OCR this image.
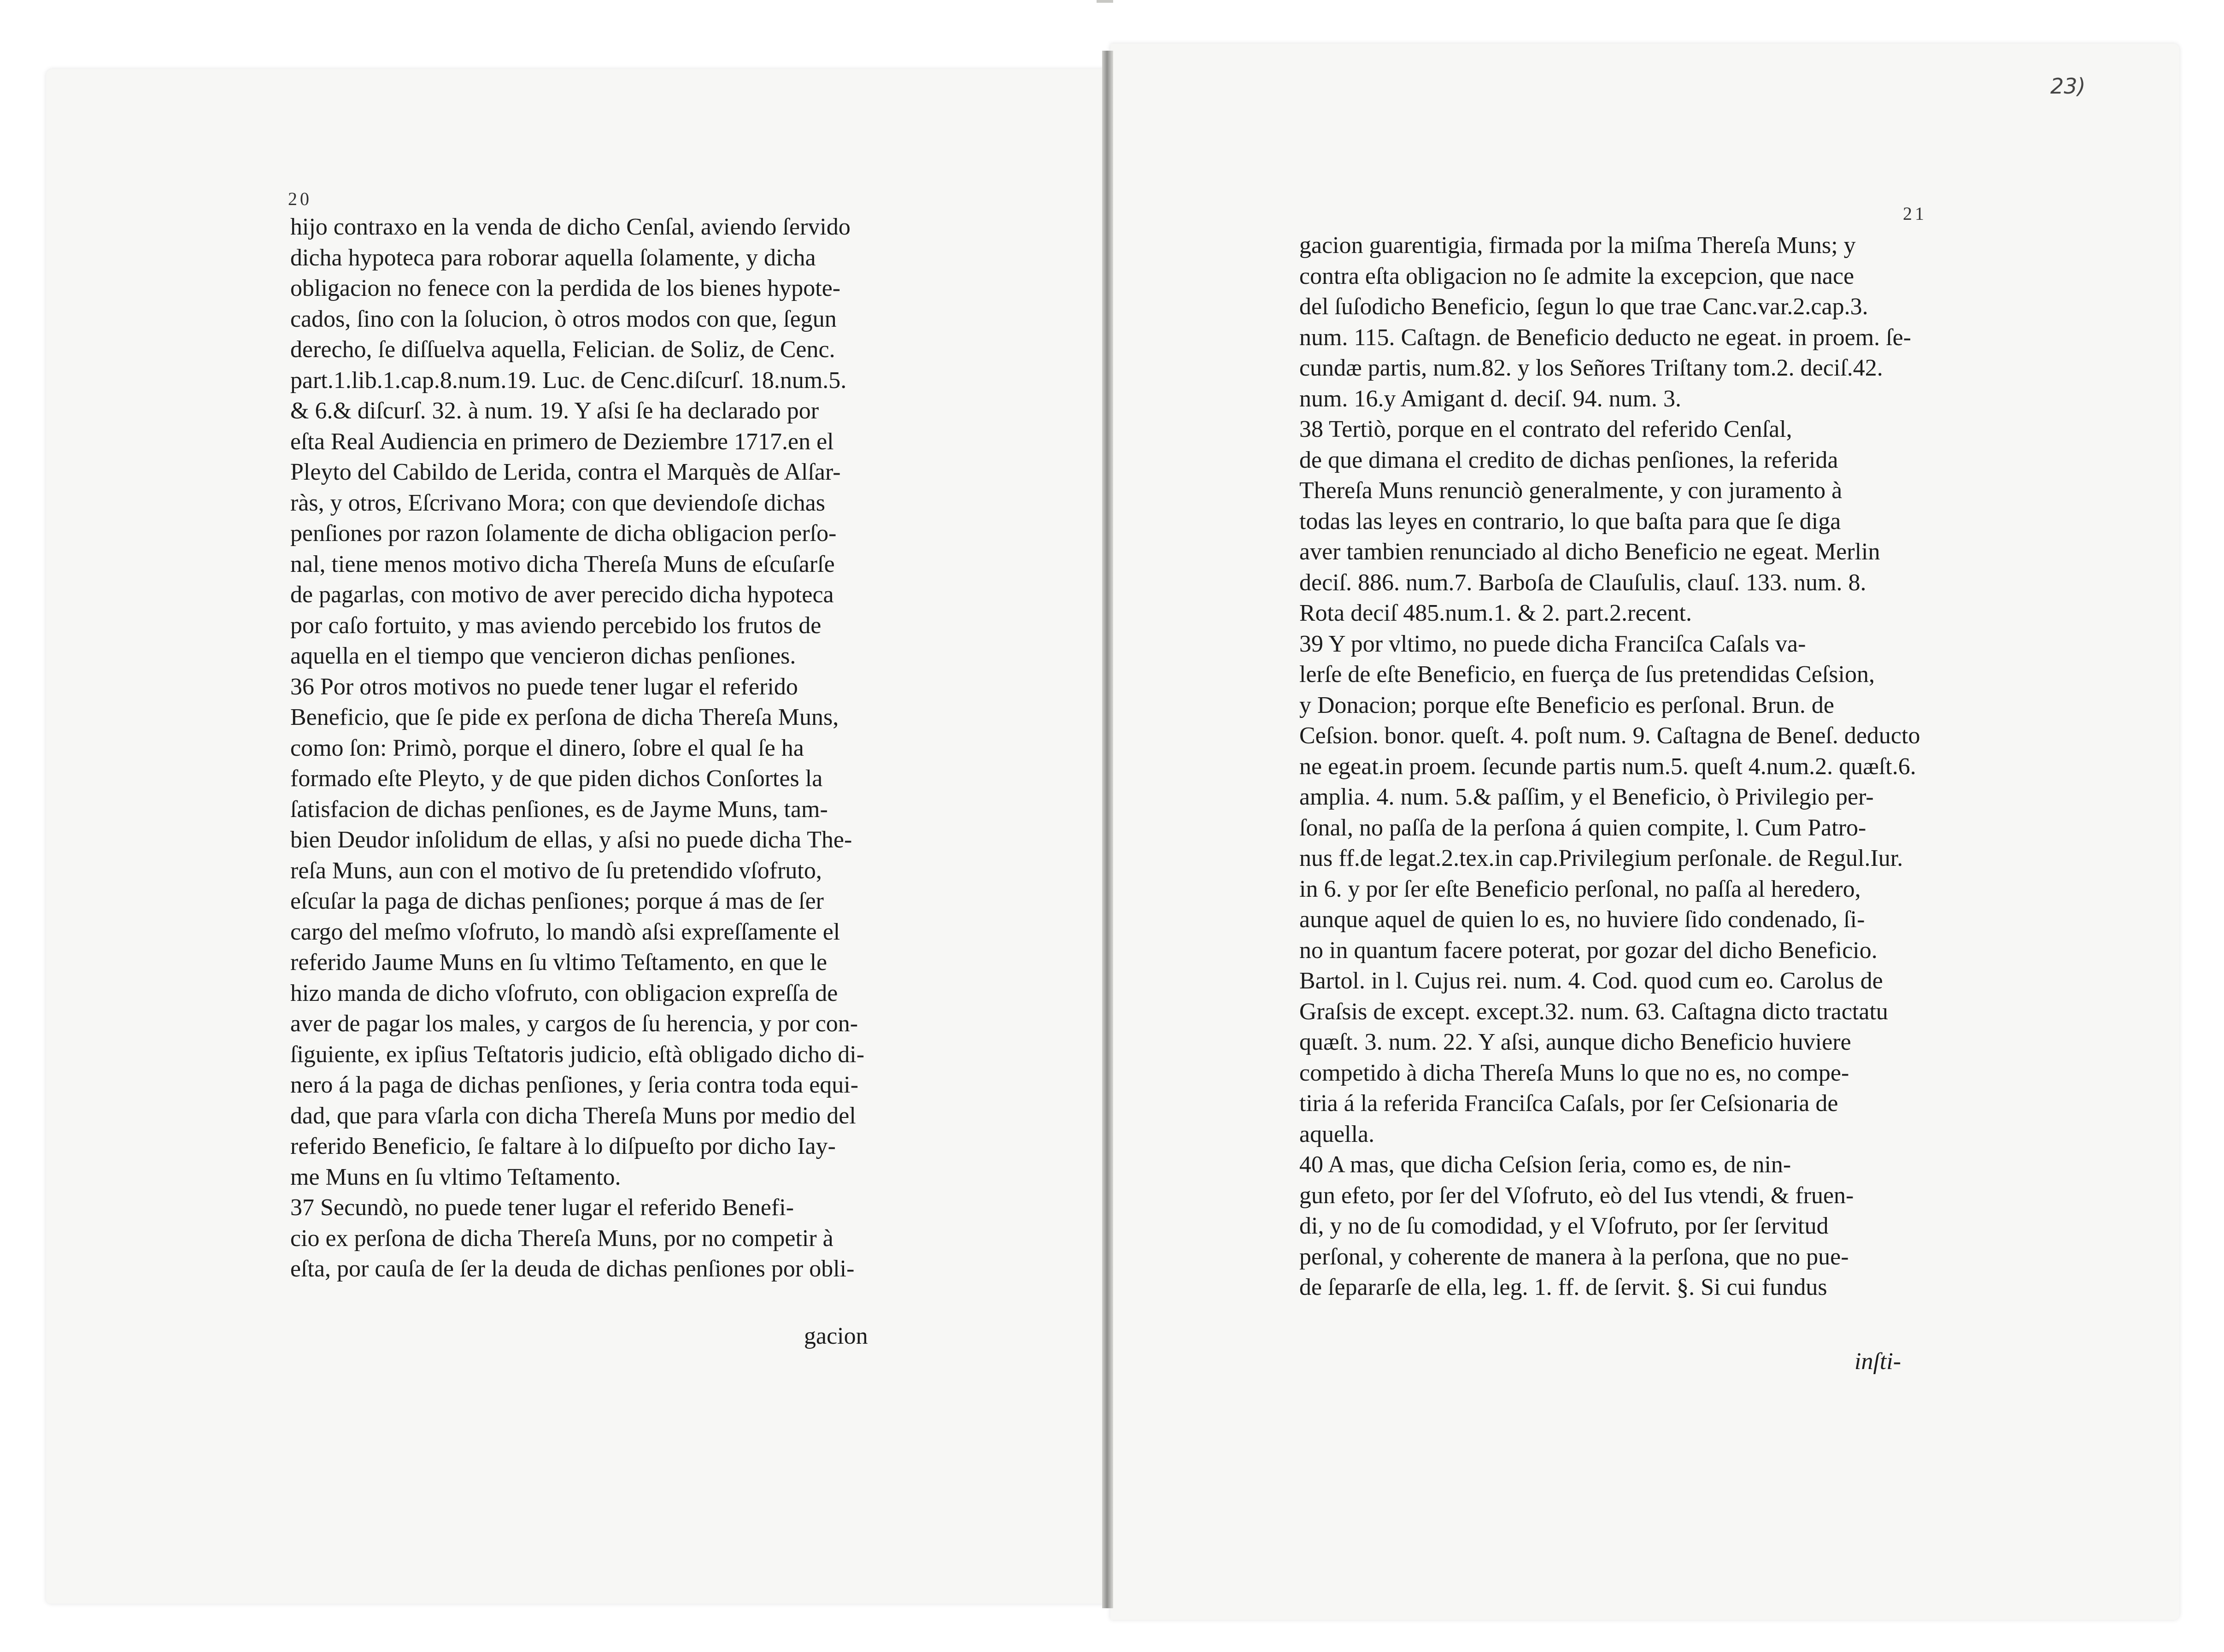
23)
20
21
hijo contraxo en la venda de dicho Cenſal, aviendo ſervido
dicha hypoteca para roborar aquella ſolamente, y dicha
obligacion no fenece con la perdida de los bienes hypote-
cados, ſino con la ſolucion, ò otros modos con que, ſegun
derecho, ſe diſſuelva aquella, Felician. de Soliz, de Cenc.
part.1.lib.1.cap.8.num.19. Luc. de Cenc.diſcurſ. 18.num.5.
& 6.& diſcurſ. 32. à num. 19. Y aſsi ſe ha declarado por
eſta Real Audiencia en primero de Deziembre 1717.en el
Pleyto del Cabildo de Lerida, contra el Marquès de Alſar-
ràs, y otros, Eſcrivano Mora; con que deviendoſe dichas
penſiones por razon ſolamente de dicha obligacion perſo-
nal, tiene menos motivo dicha Thereſa Muns de eſcuſarſe
de pagarlas, con motivo de aver perecido dicha hypoteca
por caſo fortuito, y mas aviendo percebido los frutos de
aquella en el tiempo que vencieron dichas penſiones.
36 Por otros motivos no puede tener lugar el referido
Beneficio, que ſe pide ex perſona de dicha Thereſa Muns,
como ſon: Primò, porque el dinero, ſobre el qual ſe ha
formado eſte Pleyto, y de que piden dichos Conſortes la
ſatisfacion de dichas penſiones, es de Jayme Muns, tam-
bien Deudor inſolidum de ellas, y aſsi no puede dicha The-
reſa Muns, aun con el motivo de ſu pretendido vſofruto,
eſcuſar la paga de dichas penſiones; porque á mas de ſer
cargo del meſmo vſofruto, lo mandò aſsi expreſſamente el
referido Jaume Muns en ſu vltimo Teſtamento, en que le
hizo manda de dicho vſofruto, con obligacion expreſſa de
aver de pagar los males, y cargos de ſu herencia, y por con-
ſiguiente, ex ipſius Teſtatoris judicio, eſtà obligado dicho di-
nero á la paga de dichas penſiones, y ſeria contra toda equi-
dad, que para vſarla con dicha Thereſa Muns por medio del
referido Beneficio, ſe faltare à lo diſpueſto por dicho Iay-
me Muns en ſu vltimo Teſtamento.
37 Secundò, no puede tener lugar el referido Benefi-
cio ex perſona de dicha Thereſa Muns, por no competir à
eſta, por cauſa de ſer la deuda de dichas penſiones por obli-
gacion guarentigia, firmada por la miſma Thereſa Muns; y
contra eſta obligacion no ſe admite la excepcion, que nace
del ſuſodicho Beneficio, ſegun lo que trae Canc.var.2.cap.3.
num. 115. Caſtagn. de Beneficio deducto ne egeat. in proem. ſe-
cundæ partis, num.82. y los Señores Triſtany tom.2. deciſ.42.
num. 16.y Amigant d. deciſ. 94. num. 3.
38 Tertiò, porque en el contrato del referido Cenſal,
de que dimana el credito de dichas penſiones, la referida
Thereſa Muns renunciò generalmente, y con juramento à
todas las leyes en contrario, lo que baſta para que ſe diga
aver tambien renunciado al dicho Beneficio ne egeat. Merlin
deciſ. 886. num.7. Barboſa de Clauſulis, clauſ. 133. num. 8.
Rota deciſ 485.num.1. & 2. part.2.recent.
39 Y por vltimo, no puede dicha Franciſca Caſals va-
lerſe de eſte Beneficio, en fuerça de ſus pretendidas Ceſsion,
y Donacion; porque eſte Beneficio es perſonal. Brun. de
Ceſsion. bonor. queſt. 4. poſt num. 9. Caſtagna de Beneſ. deducto
ne egeat.in proem. ſecunde partis num.5. queſt 4.num.2. quæſt.6.
amplia. 4. num. 5.& paſſim, y el Beneficio, ò Privilegio per-
ſonal, no paſſa de la perſona á quien compite, l. Cum Patro-
nus ff.de legat.2.tex.in cap.Privilegium perſonale. de Regul.Iur.
in 6. y por ſer eſte Beneficio perſonal, no paſſa al heredero,
aunque aquel de quien lo es, no huviere ſido condenado, ſi-
no in quantum facere poterat, por gozar del dicho Beneficio.
Bartol. in l. Cujus rei. num. 4. Cod. quod cum eo. Carolus de
Graſsis de except. except.32. num. 63. Caſtagna dicto tractatu
quæſt. 3. num. 22. Y aſsi, aunque dicho Beneficio huviere
competido à dicha Thereſa Muns lo que no es, no compe-
tiria á la referida Franciſca Caſals, por ſer Ceſsionaria de
aquella.
40 A mas, que dicha Ceſsion ſeria, como es, de nin-
gun efeto, por ſer del Vſofruto, eò del Ius vtendi, & fruen-
di, y no de ſu comodidad, y el Vſofruto, por ſer ſervitud
perſonal, y coherente de manera à la perſona, que no pue-
de ſepararſe de ella, leg. 1. ff. de ſervit. §. Si cui fundus
gacion
inſti-
